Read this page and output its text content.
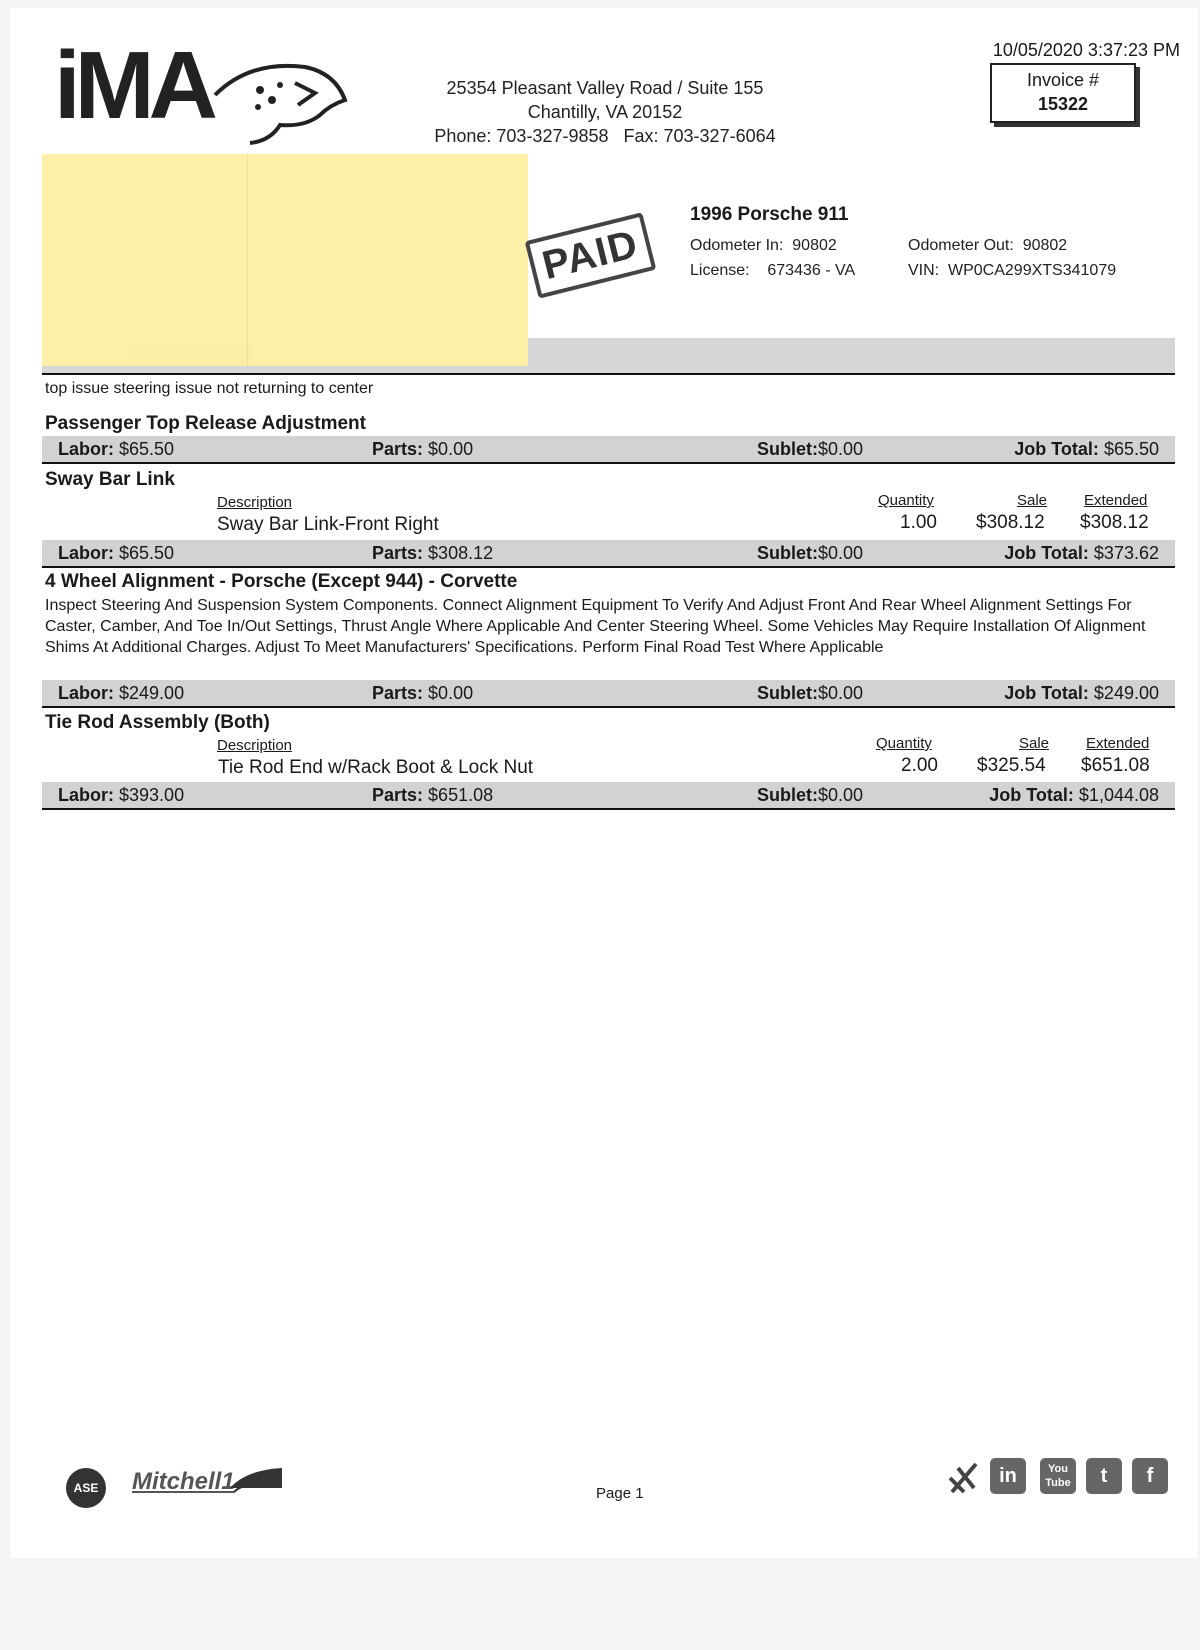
iMA	25354 Pleasant Valley Road / Suite 155
Chantilly, VA 20152
Phone: 703-327-9858   Fax: 703-327-6064
10/05/2020 3:37:23 PM
Invoice #
15322
PAID
1996 Porsche 911
Odometer In:  90802
License:    673436 - VA
Odometer Out:  90802
VIN:  WP0CA299XTS341079
top issue steering issue not returning to center
Passenger Top Release Adjustment
Labor: $65.50	Parts: $0.00	Sublet:$0.00	Job Total: $65.50
Sway Bar Link
Description	Quantity	Sale Extended
Sway Bar Link-Front Right	1.00 $308.12 $308.12
Labor: $65.50	Parts: $308.12	Sublet:$0.00	Job Total: $373.62
4 Wheel Alignment - Porsche (Except 944) - Corvette
Inspect Steering And Suspension System Components. Connect Alignment Equipment To Verify And Adjust Front And Rear Wheel Alignment Settings For Caster, Camber, And Toe In/Out Settings, Thrust Angle Where Applicable And Center Steering Wheel. Some Vehicles May Require Installation Of Alignment Shims At Additional Charges. Adjust To Meet Manufacturers' Specifications. Perform Final Road Test Where Applicable
Labor: $249.00	Parts: $0.00	Sublet:$0.00	Job Total: $249.00
Tie Rod Assembly (Both)
Description	Quantity	Sale Extended
Tie Rod End w/Rack Boot & Lock Nut	2.00 $325.54 $651.08
Labor: $393.00	Parts: $651.08	Sublet:$0.00	Job Total: $1,044.08
ASE	Mitchell1	Page 1
in	You Tube	t	f
